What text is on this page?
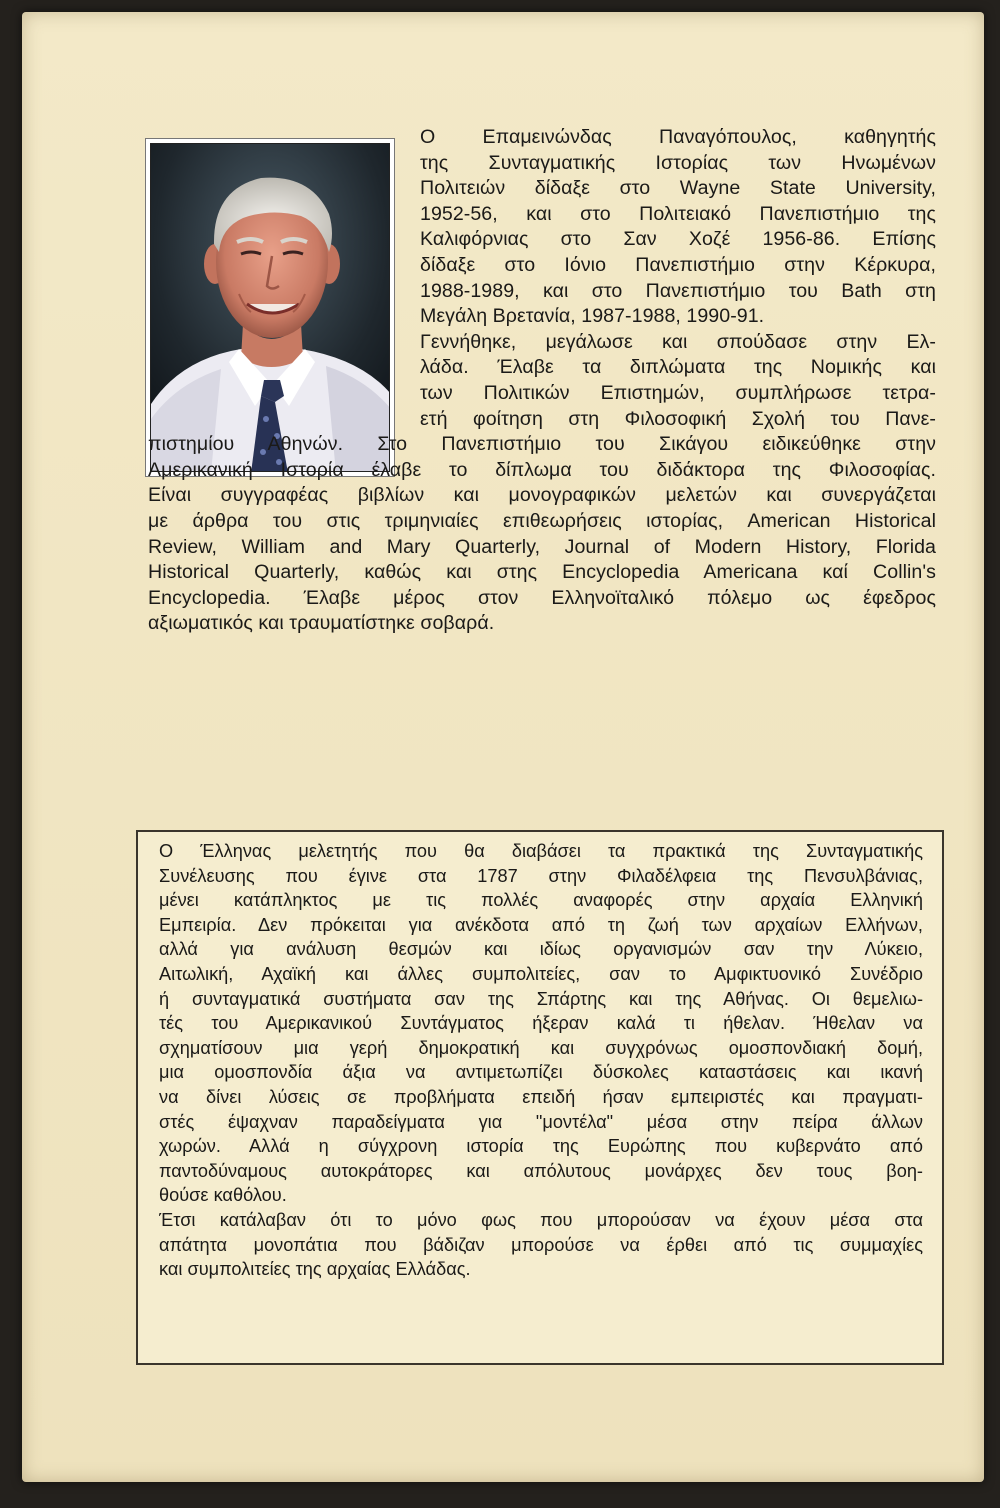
Ο Επαμεινώνδας Παναγόπουλος, καθηγητής
της Συνταγματικής Ιστορίας των Ηνωμένων
Πολιτειών δίδαξε στο Wayne State University,
1952-56, και στο Πολιτειακό Πανεπιστήμιο της
Καλιφόρνιας στο Σαν Χοζέ 1956-86. Επίσης
δίδαξε στο Ιόνιο Πανεπιστήμιο στην Κέρκυρα,
1988-1989, και στο Πανεπιστήμιο του Bath στη
Μεγάλη Βρετανία, 1987-1988, 1990-91.
Γεννήθηκε, μεγάλωσε και σπούδασε στην Ελ-
λάδα. Έλαβε τα διπλώματα της Νομικής και
των Πολιτικών Επιστημών, συμπλήρωσε τετρα-
ετή φοίτηση στη Φιλοσοφική Σχολή του Πανε-
πιστημίου Αθηνών. Στο Πανεπιστήμιο του Σικάγου ειδικεύθηκε στην
Αμερικανική Ιστορία έλαβε το δίπλωμα του διδάκτορα της Φιλοσοφίας.
Είναι συγγραφέας βιβλίων και μονογραφικών μελετών και συνεργάζεται
με άρθρα του στις τριμηνιαίες επιθεωρήσεις ιστορίας, American Historical
Review, William and Mary Quarterly, Journal of Modern History, Florida
Historical Quarterly, καθώς και στης Encyclopedia Americana καί Collin's
Encyclopedia. Έλαβε μέρος στον Ελληνοϊταλικό πόλεμο ως έφεδρος
αξιωματικός και τραυματίστηκε σοβαρά.
Ο Έλληνας μελετητής που θα διαβάσει τα πρακτικά της Συνταγματικής
Συνέλευσης που έγινε στα 1787 στην Φιλαδέλφεια της Πενσυλβάνιας,
μένει κατάπληκτος με τις πολλές αναφορές στην αρχαία Ελληνική
Εμπειρία. Δεν πρόκειται για ανέκδοτα από τη ζωή των αρχαίων Ελλήνων,
αλλά για ανάλυση θεσμών και ιδίως οργανισμών σαν την Λύκειο,
Αιτωλική, Αχαϊκή και άλλες συμπολιτείες, σαν το Αμφικτυονικό Συνέδριο
ή συνταγματικά συστήματα σαν της Σπάρτης και της Αθήνας. Οι θεμελιω-
τές του Αμερικανικού Συντάγματος ήξεραν καλά τι ήθελαν. Ήθελαν να
σχηματίσουν μια γερή δημοκρατική και συγχρόνως ομοσπονδιακή δομή,
μια ομοσπονδία άξια να αντιμετωπίζει δύσκολες καταστάσεις και ικανή
να δίνει λύσεις σε προβλήματα επειδή ήσαν εμπειριστές και πραγματι-
στές έψαχναν παραδείγματα για "μοντέλα" μέσα στην πείρα άλλων
χωρών. Αλλά η σύγχρονη ιστορία της Ευρώπης που κυβερνάτο από
παντοδύναμους αυτοκράτορες και απόλυτους μονάρχες δεν τους βοη-
θούσε καθόλου.
Έτσι κατάλαβαν ότι το μόνο φως που μπορούσαν να έχουν μέσα στα
απάτητα μονοπάτια που βάδιζαν μπορούσε να έρθει από τις συμμαχίες
και συμπολιτείες της αρχαίας Ελλάδας.
